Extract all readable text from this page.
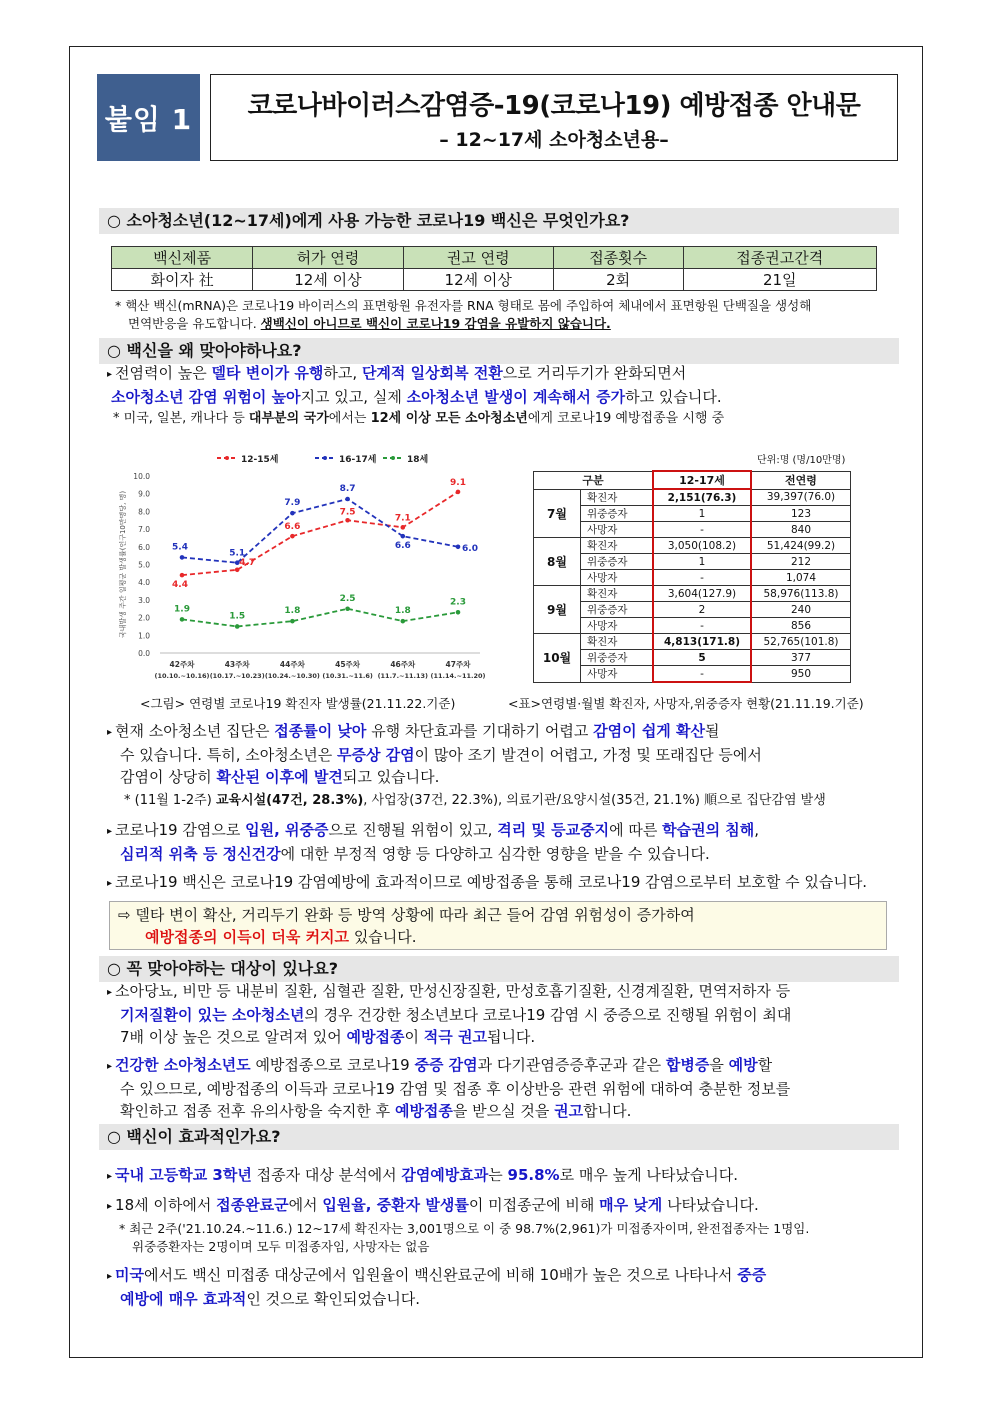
붙임 1	코로나바이러스감염증-19(코로나19) 예방접종 안내문
– 12~17세 소아청소년용–
○ 소아청소년(12~17세)에게 사용 가능한 코로나19 백신은 무엇인가요?
백신제품	허가 연령	권고 연령	접종횟수	접종권고간격
화이자 社	12세 이상	12세 이상	2회	21일
* 핵산 백신(mRNA)은 코로나19 바이러스의 표면항원 유전자를 RNA 형태로 몸에 주입하여 체내에서 표면항원 단백질을 생성해
면역반응을 유도합니다. 생백신이 아니므로 백신이 코로나19 감염을 유발하지 않습니다.
○ 백신을 왜 맞아야하나요?
▸ 전염력이 높은 델타 변이가 유행하고, 단계적 일상회복 전환으로 거리두기가 완화되면서
소아청소년 감염 위험이 높아지고 있고, 실제 소아청소년 발생이 계속해서 증가하고 있습니다.
* 미국, 일본, 캐나다 등 대부분의 국가에서는 12세 이상 모든 소아청소년에게 코로나19 예방접종을 시행 중
0.0
1.0
2.0
3.0
4.0
5.0
6.0
7.0
8.0
9.0
10.0
국내발생 주간 일평균 발생률(인구10만명당, 명)
42주차
(10.10.~10.16)
43주차
(10.17.~10.23)
44주차
(10.24.~10.30)
45주차
(10.31.~11.6)
46주차
(11.7.~11.13)
47주차
(11.14.~11.20)
12-15세	16-17세	18세
4.4
4.7
6.6
7.5
7.1
9.1
5.4
5.1
7.9
8.7
6.6	6.0
1.9
1.5
1.8
2.5
1.8
2.3
<그림> 연령별 코로나19 확진자 발생률(21.11.22.기준)
단위:명 (명/10만명)
구분		12-17세	전연령
7월	확진자	2,151(76.3)	39,397(76.0)
	위중증자	1	123
	사망자	-	840
8월	확진자	3,050(108.2)	51,424(99.2)
	위중증자	1	212
	사망자	-	1,074
9월	확진자	3,604(127.9)	58,976(113.8)
	위중증자	2	240
	사망자	-	856
10월	확진자	4,813(171.8)	52,765(101.8)
	위중증자	5	377
	사망자	-	950
<표>연령별·월별 확진자, 사망자,위중증자 현황(21.11.19.기준)
▸ 현재 소아청소년 집단은 접종률이 낮아 유행 차단효과를 기대하기 어렵고 감염이 쉽게 확산될
수 있습니다. 특히, 소아청소년은 무증상 감염이 많아 조기 발견이 어렵고, 가정 및 또래집단 등에서
감염이 상당히 확산된 이후에 발견되고 있습니다.
* (11월 1-2주) 교육시설(47건, 28.3%), 사업장(37건, 22.3%), 의료기관/요양시설(35건, 21.1%) 順으로 집단감염 발생
▸ 코로나19 감염으로 입원, 위중증으로 진행될 위험이 있고, 격리 및 등교중지에 따른 학습권의 침해,
심리적 위축 등 정신건강에 대한 부정적 영향 등 다양하고 심각한 영향을 받을 수 있습니다.
▸ 코로나19 백신은 코로나19 감염예방에 효과적이므로 예방접종을 통해 코로나19 감염으로부터 보호할 수 있습니다.
⇨ 델타 변이 확산, 거리두기 완화 등 방역 상황에 따라 최근 들어 감염 위험성이 증가하여
예방접종의 이득이 더욱 커지고 있습니다.
○ 꼭 맞아야하는 대상이 있나요?
▸ 소아당뇨, 비만 등 내분비 질환, 심혈관 질환, 만성신장질환, 만성호흡기질환, 신경계질환, 면역저하자 등
기저질환이 있는 소아청소년의 경우 건강한 청소년보다 코로나19 감염 시 중증으로 진행될 위험이 최대
7배 이상 높은 것으로 알려져 있어 예방접종이 적극 권고됩니다.
▸ 건강한 소아청소년도 예방접종으로 코로나19 중증 감염과 다기관염증증후군과 같은 합병증을 예방할
수 있으므로, 예방접종의 이득과 코로나19 감염 및 접종 후 이상반응 관련 위험에 대하여 충분한 정보를
확인하고 접종 전후 유의사항을 숙지한 후 예방접종을 받으실 것을 권고합니다.
○ 백신이 효과적인가요?
▸ 국내 고등학교 3학년 접종자 대상 분석에서 감염예방효과는 95.8%로 매우 높게 나타났습니다.
▸ 18세 이하에서 접종완료군에서 입원율, 중환자 발생률이 미접종군에 비해 매우 낮게 나타났습니다.
* 최근 2주('21.10.24.~11.6.) 12~17세 확진자는 3,001명으로 이 중 98.7%(2,961)가 미접종자이며, 완전접종자는 1명임.
위중증환자는 2명이며 모두 미접종자임, 사망자는 없음
▸ 미국에서도 백신 미접종 대상군에서 입원율이 백신완료군에 비해 10배가 높은 것으로 나타나서 중증
예방에 매우 효과적인 것으로 확인되었습니다.
